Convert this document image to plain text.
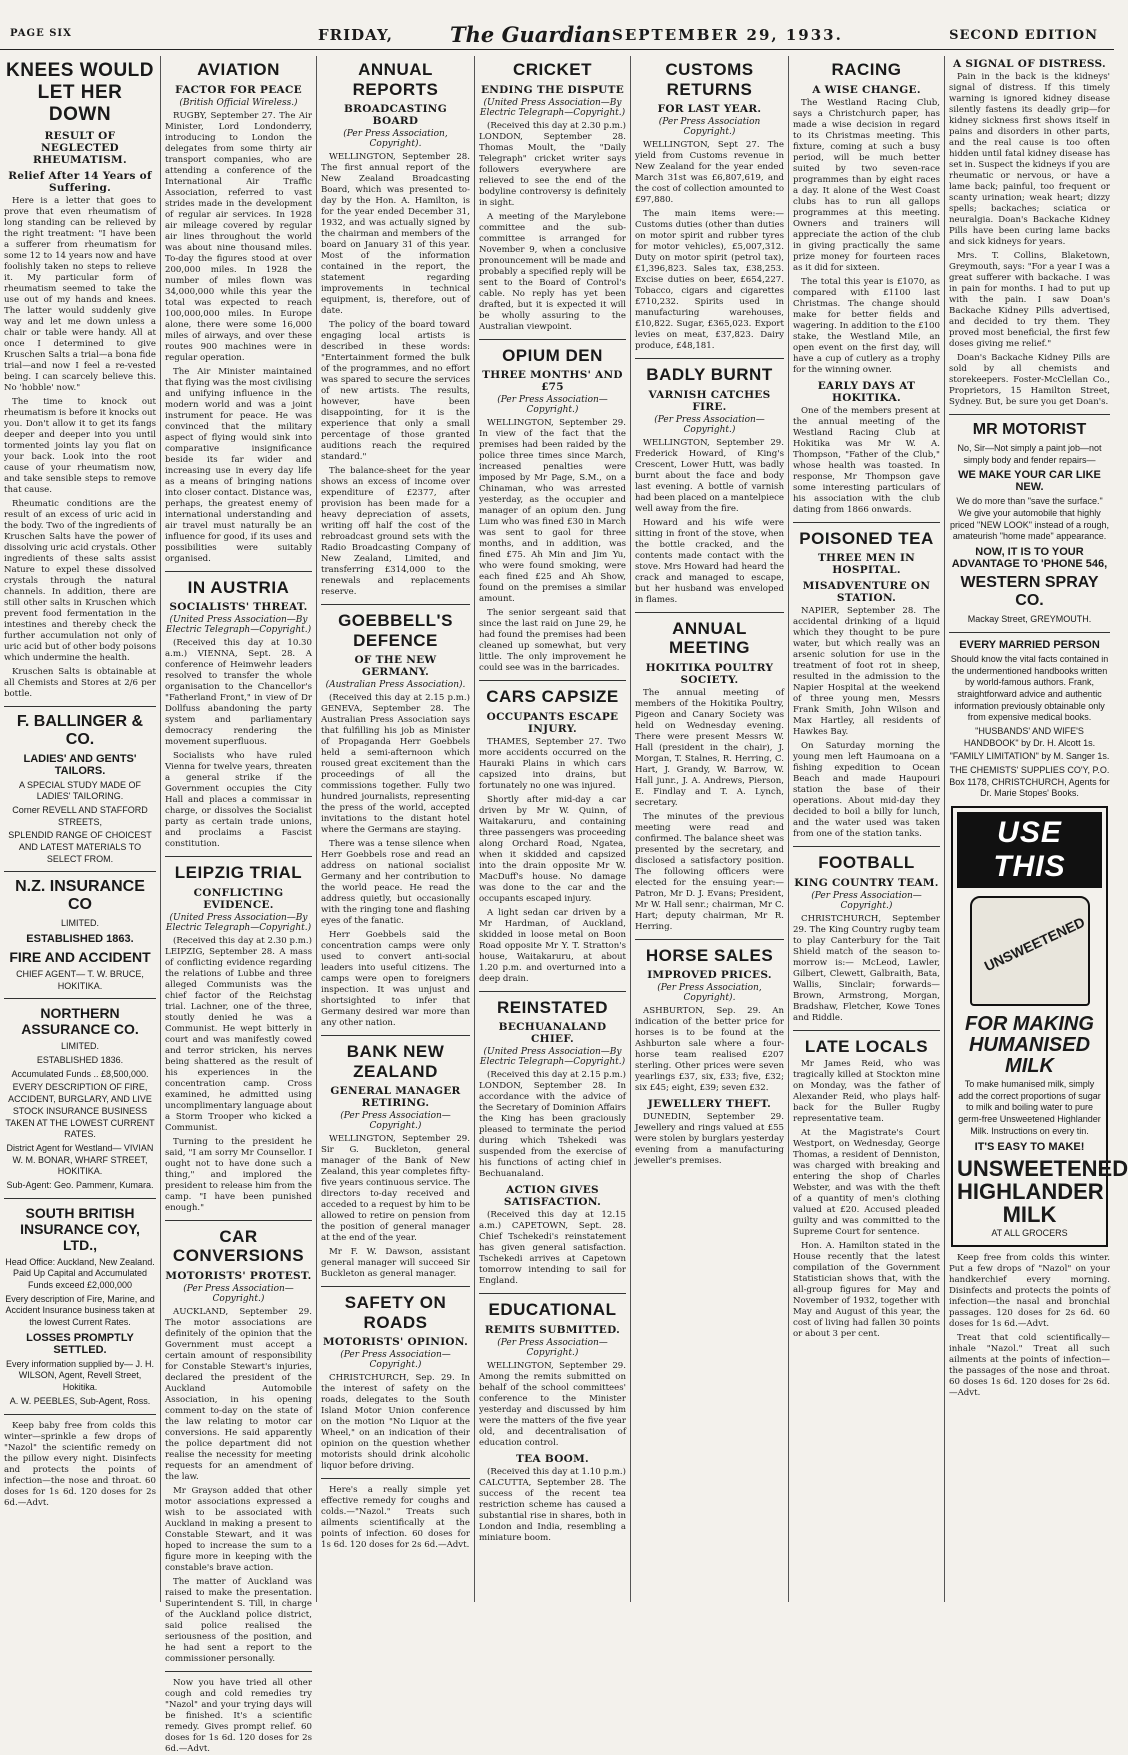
PAGE SIX	FRIDAY,	The Guardian SEPTEMBER 29, 1933.	SECOND EDITION
KNEES WOULD LET HER DOWN
RESULT OF NEGLECTED RHEUMATISM.
Relief After 14 Years of Suffering.

Here is a letter that goes to prove that even rheumatism of long standing can be relieved by the right treatment: "I have been a sufferer from rheumatism for some 12 to 14 years now and have foolishly taken no steps to relieve it. My particular form of rheumatism seemed to take the use out of my hands and knees. The latter would suddenly give way and let me down unless a chair or table were handy. All at once I determined to give Kruschen Salts a trial—a bona fide trial—and now I feel a re-vested being. I can scarcely believe this. No 'hobble' now."

The time to knock out rheumatism is before it knocks out you. Don't allow it to get its fangs deeper and deeper into you until tormented joints lay you flat on your back. Look into the root cause of your rheumatism now, and take sensible steps to remove that cause.

Rheumatic conditions are the result of an excess of uric acid in the body. Two of the ingredients of Kruschen Salts have the power of dissolving uric acid crystals. Other ingredients of these salts assist Nature to expel these dissolved crystals through the natural channels. In addition, there are still other salts in Kruschen which prevent food fermentation in the intestines and thereby check the further accumulation not only of uric acid but of other body poisons which undermine the health.

Kruschen Salts is obtainable at all Chemists and Stores at 2/6 per bottle.

F. BALLINGER & CO.
LADIES' AND GENTS' TAILORS.
A SPECIAL STUDY MADE OF LADIES' TAILORING.
Corner REVELL AND STAFFORD STREETS,
SPLENDID RANGE OF CHOICEST AND LATEST MATERIALS TO SELECT FROM.
N.Z. INSURANCE CO
LIMITED.
ESTABLISHED 1863.
FIRE AND ACCIDENT
CHIEF AGENT— T. W. BRUCE, HOKITIKA.
NORTHERN ASSURANCE CO.
LIMITED.
ESTABLISHED 1836.
Accumulated Funds .. £8,500,000.
EVERY DESCRIPTION OF FIRE, ACCIDENT, BURGLARY, AND LIVE STOCK INSURANCE BUSINESS TAKEN AT THE LOWEST CURRENT RATES.
District Agent for Westland— VIVIAN W. M. BONAR, WHARF STREET, HOKITIKA.
Sub-Agent: Geo. Pammenr, Kumara.
SOUTH BRITISH INSURANCE COY, LTD.,
Head Office: Auckland, New Zealand. Paid Up Capital and Accumulated Funds exceed £2,000,000
Every description of Fire, Marine, and Accident Insurance business taken at the lowest Current Rates.
LOSSES PROMPTLY SETTLED.
Every information supplied by— J. H. WILSON, Agent, Revell Street, Hokitika.
A. W. PEEBLES, Sub-Agent, Ross.

Keep baby free from colds this winter—sprinkle a few drops of "Nazol" the scientific remedy on the pillow every night. Disinfects and protects the points of infection—the nose and throat. 60 doses for 1s 6d. 120 doses for 2s 6d.—Advt.

AVIATION
FACTOR FOR PEACE
(British Official Wireless.)

RUGBY, September 27. The Air Minister, Lord Londonderry, introducing to London the delegates from some thirty air transport companies, who are attending a conference of the International Air Traffic Association, referred to vast strides made in the development of regular air services. In 1928 air mileage covered by regular air lines throughout the world was about nine thousand miles. To-day the figures stood at over 200,000 miles. In 1928 the number of miles flown was 34,000,000 while this year the total was expected to reach 100,000,000 miles. In Europe alone, there were some 16,000 miles of airways, and over these routes 900 machines were in regular operation.

The Air Minister maintained that flying was the most civilising and unifying influence in the modern world and was a joint instrument for peace. He was convinced that the military aspect of flying would sink into comparative insignificance beside its far wider and increasing use in every day life as a means of bringing nations into closer contact. Distance was, perhaps, the greatest enemy of international understanding and air travel must naturally be an influence for good, if its uses and possibilities were suitably organised.

IN AUSTRIA
SOCIALISTS' THREAT.
(United Press Association—By Electric Telegraph—Copyright.)

(Received this day at 10.30 a.m.) VIENNA, Sept. 28. A conference of Heimwehr leaders resolved to transfer the whole organisation to the Chancellor's "Fatherland Front," in view of Dr Dollfuss abandoning the party system and parliamentary democracy rendering the movement superfluous.

Socialists who have ruled Vienna for twelve years, threaten a general strike if the Government occupies the City Hall and places a commissar in charge, or dissolves the Socialist party as certain trade unions, and proclaims a Fascist constitution.

LEIPZIG TRIAL
CONFLICTING EVIDENCE.
(United Press Association—By Electric Telegraph—Copyright.)

(Received this day at 2.30 p.m.) LEIPZIG, September 28. A mass of conflicting evidence regarding the relations of Lubbe and three alleged Communists was the chief factor of the Reichstag trial. Lachner, one of the three, stoutly denied he was a Communist. He wept bitterly in court and was manifestly cowed and terror stricken, his nerves being shattered as the result of his experiences in the concentration camp. Cross examined, he admitted using uncomplimentary language about a Storm Trooper who kicked a Communist.

Turning to the president he said, "I am sorry Mr Counsellor. I ought not to have done such a thing," and implored the president to release him from the camp. "I have been punished enough."

CAR CONVERSIONS
MOTORISTS' PROTEST.
(Per Press Association— Copyright.)

AUCKLAND, September 29. The motor associations are definitely of the opinion that the Government must accept a certain amount of responsibility for Constable Stewart's injuries, declared the president of the Auckland Automobile Association, in his opening comment to-day on the state of the law relating to motor car conversions. He said apparently the police department did not realise the necessity for meeting requests for an amendment of the law.

Mr Grayson added that other motor associations expressed a wish to be associated with Auckland in making a present to Constable Stewart, and it was hoped to increase the sum to a figure more in keeping with the constable's brave action.

The matter of Auckland was raised to make the presentation. Superintendent S. Till, in charge of the Auckland police district, said police realised the seriousness of the position, and he had sent a report to the commissioner personally.

Now you have tried all other cough and cold remedies try "Nazol" and your trying days will be finished. It's a scientific remedy. Gives prompt relief. 60 doses for 1s 6d. 120 doses for 2s 6d.—Advt.

ANNUAL REPORTS
BROADCASTING BOARD
(Per Press Association, Copyright).

WELLINGTON, September 28. The first annual report of the New Zealand Broadcasting Board, which was presented to-day by the Hon. A. Hamilton, is for the year ended December 31, 1932, and was actually signed by the chairman and members of the board on January 31 of this year. Most of the information contained in the report, the statement regarding improvements in technical equipment, is, therefore, out of date.

The policy of the board toward engaging local artists is described in these words: "Entertainment formed the bulk of the programmes, and no effort was spared to secure the services of new artists. The results, however, have been disappointing, for it is the experience that only a small percentage of those granted auditions reach the required standard."

The balance-sheet for the year shows an excess of income over expenditure of £2377, after provision has been made for a heavy depreciation of assets, writing off half the cost of the rebroadcast ground sets with the Radio Broadcasting Company of New Zealand, Limited, and transferring £314,000 to the renewals and replacements reserve.

GOEBBELL'S DEFENCE
OF THE NEW GERMANY.
(Australian Press Association).

(Received this day at 2.15 p.m.) GENEVA, September 28. The Australian Press Association says that fulfilling his job as Minister of Propaganda Herr Goebbels held a semi-afternoon which roused great excitement than the proceedings of all the commissions together. Fully two hundred journalists, representing the press of the world, accepted invitations to the distant hotel where the Germans are staying.

There was a tense silence when Herr Goebbels rose and read an address on national socialist Germany and her contribution to the world peace. He read the address quietly, but occasionally with the ringing tone and flashing eyes of the fanatic.

Herr Goebbels said the concentration camps were only used to convert anti-social leaders into useful citizens. The camps were open to foreigners inspection. It was unjust and shortsighted to infer that Germany desired war more than any other nation.

BANK NEW ZEALAND
GENERAL MANAGER RETIRING.
(Per Press Association— Copyright.)

WELLINGTON, September 29. Sir G. Buckleton, general manager of the Bank of New Zealand, this year completes fifty-five years continuous service. The directors to-day received and acceded to a request by him to be allowed to retire on pension from the position of general manager at the end of the year.

Mr F. W. Dawson, assistant general manager will succeed Sir Buckleton as general manager.

SAFETY ON ROADS
MOTORISTS' OPINION.
(Per Press Association— Copyright.)

CHRISTCHURCH, Sep. 29. In the interest of safety on the roads, delegates to the South Island Motor Union conference on the motion "No Liquor at the Wheel," on an indication of their opinion on the question whether motorists should drink alcoholic liquor before driving.

Here's a really simple yet effective remedy for coughs and colds.—"Nazol." Treats such ailments scientifically at the points of infection. 60 doses for 1s 6d. 120 doses for 2s 6d.—Advt.

CRICKET
ENDING THE DISPUTE
(United Press Association—By Electric Telegraph—Copyright.)

(Received this day at 2.30 p.m.) LONDON, September 28. Thomas Moult, the "Daily Telegraph" cricket writer says followers everywhere are relieved to see the end of the bodyline controversy is definitely in sight.

A meeting of the Marylebone committee and the sub-committee is arranged for November 9, when a conclusive pronouncement will be made and probably a specified reply will be sent to the Board of Control's cable. No reply has yet been drafted, but it is expected it will be wholly assuring to the Australian viewpoint.

OPIUM DEN
THREE MONTHS' AND £75
(Per Press Association— Copyright.)

WELLINGTON, September 29. In view of the fact that the premises had been raided by the police three times since March, increased penalties were imposed by Mr Page, S.M., on a Chinaman, who was arrested yesterday, as the occupier and manager of an opium den. Jung Lum who was fined £30 in March was sent to gaol for three months, and in addition, was fined £75. Ah Min and Jim Yu, who were found smoking, were each fined £25 and Ah Show, found on the premises a similar amount.

The senior sergeant said that since the last raid on June 29, he had found the premises had been cleaned up somewhat, but very little. The only improvement he could see was in the barricades.

CARS CAPSIZE
OCCUPANTS ESCAPE INJURY.

THAMES, September 27. Two more accidents occurred on the Hauraki Plains in which cars capsized into drains, but fortunately no one was injured.

Shortly after mid-day a car driven by Mr W. Quinn, of Waitakaruru, and containing three passengers was proceeding along Orchard Road, Ngatea, when it skidded and capsized into the drain opposite Mr W. MacDuff's house. No damage was done to the car and the occupants escaped injury.

A light sedan car driven by a Mr Hardman, of Auckland, skidded in loose metal on Boon Road opposite Mr Y. T. Stratton's house, Waitakaruru, at about 1.20 p.m. and overturned into a deep drain.

REINSTATED
BECHUANALAND CHIEF.
(United Press Association—By Electric Telegraph—Copyright.)

(Received this day at 2.15 p.m.) LONDON, September 28. In accordance with the advice of the Secretary of Dominion Affairs the King has been graciously pleased to terminate the period during which Tshekedi was suspended from the exercise of his functions of acting chief in Bechuanaland.

ACTION GIVES SATISFACTION.

(Received this day at 12.15 a.m.) CAPETOWN, Sept. 28. Chief Tschekedi's reinstatement has given general satisfaction. Tschekedi arrives at Capetown tomorrow intending to sail for England.

EDUCATIONAL
REMITS SUBMITTED.
(Per Press Association—Copyright.)

WELLINGTON, September 29. Among the remits submitted on behalf of the school committees' conference to the Minister yesterday and discussed by him were the matters of the five year old, and decentralisation of education control.

TEA BOOM.

(Received this day at 1.10 p.m.) CALCUTTA, September 28. The success of the recent tea restriction scheme has caused a substantial rise in shares, both in London and India, resembling a miniature boom.

CUSTOMS RETURNS
FOR LAST YEAR.
(Per Press Association Copyright.)

WELLINGTON, Sept 27. The yield from Customs revenue in New Zealand for the year ended March 31st was £6,807,619, and the cost of collection amounted to £97,880.

The main items were:— Customs duties (other than duties on motor spirit and rubber tyres for motor vehicles), £5,007,312. Duty on motor spirit (petrol tax), £1,396,823. Sales tax, £38,253. Excise duties on beer, £654,227. Tobacco, cigars and cigarettes £710,232. Spirits used in manufacturing warehouses, £10,822. Sugar, £365,023. Export levies on meat, £37,823. Dairy produce, £48,181.

BADLY BURNT
VARNISH CATCHES FIRE.
(Per Press Association—Copyright.)

WELLINGTON, September 29. Frederick Howard, of King's Crescent, Lower Hutt, was badly burnt about the face and body last evening. A bottle of varnish had been placed on a mantelpiece well away from the fire.

Howard and his wife were sitting in front of the stove, when the bottle cracked, and the contents made contact with the stove. Mrs Howard had heard the crack and managed to escape, but her husband was enveloped in flames.

ANNUAL MEETING
HOKITIKA POULTRY SOCIETY.

The annual meeting of members of the Hokitika Poultry, Pigeon and Canary Society was held on Wednesday evening. There were present Messrs W. Hall (president in the chair), J. Morgan, T. Stalnes, R. Herring, C. Hart, J. Grandy, W. Barrow, W. Hall junr., J. A. Andrews, Pierson, E. Findlay and T. A. Lynch, secretary.

The minutes of the previous meeting were read and confirmed. The balance sheet was presented by the secretary, and disclosed a satisfactory position. The following officers were elected for the ensuing year:—Patron, Mr D. J. Evans; President, Mr W. Hall senr.; chairman, Mr C. Hart; deputy chairman, Mr R. Herring.

HORSE SALES
IMPROVED PRICES.
(Per Press Association, Copyright).

ASHBURTON, Sep. 29. An indication of the better price for horses is to be found at the Ashburton sale where a four-horse team realised £207 sterling. Other prices were seven yearlings £37, six, £33; five, £32; six £45; eight, £39; seven £32.

JEWELLERY THEFT.

DUNEDIN, September 29. Jewellery and rings valued at £55 were stolen by burglars yesterday evening from a manufacturing jeweller's premises.

RACING
A WISE CHANGE.

The Westland Racing Club, says a Christchurch paper, has made a wise decision in regard to its Christmas meeting. This fixture, coming at such a busy period, will be much better suited by two seven-race programmes than by eight races a day. It alone of the West Coast clubs has to run all gallops programmes at this meeting. Owners and trainers will appreciate the action of the club in giving practically the same prize money for fourteen races as it did for sixteen.

The total this year is £1070, as compared with £1100 last Christmas. The change should make for better fields and wagering. In addition to the £100 stake, the Westland Mile, an open event on the first day, will have a cup of cutlery as a trophy for the winning owner.

EARLY DAYS AT HOKITIKA.

One of the members present at the annual meeting of the Westland Racing Club at Hokitika was Mr W. A. Thompson, "Father of the Club," whose health was toasted. In response, Mr Thompson gave some interesting particulars of his association with the club dating from 1866 onwards.

POISONED TEA
THREE MEN IN HOSPITAL.
MISADVENTURE ON STATION.

NAPIER, September 28. The accidental drinking of a liquid which they thought to be pure water, but which really was an arsenic solution for use in the treatment of foot rot in sheep, resulted in the admission to the Napier Hospital at the weekend of three young men, Messrs Frank Smith, John Wilson and Max Hartley, all residents of Hawkes Bay.

On Saturday morning the young men left Haumoana on a fishing expedition to Ocean Beach and made Haupouri station the base of their operations. About mid-day they decided to boil a billy for lunch, and the water used was taken from one of the station tanks.

FOOTBALL
KING COUNTRY TEAM.
(Per Press Association— Copyright.)

CHRISTCHURCH, September 29. The King Country rugby team to play Canterbury for the Tait Shield match of the season to-morrow is:— McLeod, Lawler, Gilbert, Clewett, Galbraith, Bata, Wallis, Sinclair; forwards—Brown, Armstrong, Morgan, Bradshaw, Fletcher, Kowe Tones and Riddle.

LATE LOCALS

Mr James Reid, who was tragically killed at Stockton mine on Monday, was the father of Alexander Reid, who plays half-back for the Buller Rugby representative team.

At the Magistrate's Court Westport, on Wednesday, George Thomas, a resident of Denniston, was charged with breaking and entering the shop of Charles Webster, and was with the theft of a quantity of men's clothing valued at £20. Accused pleaded guilty and was committed to the Supreme Court for sentence.

Hon. A. Hamilton stated in the House recently that the latest compilation of the Government Statistician shows that, with the all-group figures for May and November of 1932, together with May and August of this year, the cost of living had fallen 30 points or about 3 per cent.

A SIGNAL OF DISTRESS.

Pain in the back is the kidneys' signal of distress. If this timely warning is ignored kidney disease silently fastens its deadly grip—for kidney sickness first shows itself in pains and disorders in other parts, and the real cause is too often hidden until fatal kidney disease has set in. Suspect the kidneys if you are rheumatic or nervous, or have a lame back; painful, too frequent or scanty urination; weak heart; dizzy spells; backaches; sciatica or neuralgia. Doan's Backache Kidney Pills have been curing lame backs and sick kidneys for years.

Mrs. T. Collins, Blaketown, Greymouth, says: "For a year I was a great sufferer with backache. I was in pain for months. I had to put up with the pain. I saw Doan's Backache Kidney Pills advertised, and decided to try them. They proved most beneficial, the first few doses giving me relief."

Doan's Backache Kidney Pills are sold by all chemists and storekeepers. Foster-McClellan Co., Proprietors, 15 Hamilton Street, Sydney. But, be sure you get Doan's.

MR MOTORIST
No, Sir—Not simply a paint job—not simply body and fender repairs—
WE MAKE YOUR CAR LIKE NEW.
We do more than "save the surface." We give your automobile that highly priced "NEW LOOK" instead of a rough, amateurish "home made" appearance.
NOW, IT IS TO YOUR ADVANTAGE TO 'PHONE 546,
WESTERN SPRAY CO.
Mackay Street, GREYMOUTH.
EVERY MARRIED PERSON
Should know the vital facts contained in the undermentioned handbooks written by world-famous authors. Frank, straightforward advice and authentic information previously obtainable only from expensive medical books.
"HUSBANDS' AND WIFE'S HANDBOOK" by Dr. H. Alcott 1s.
"FAMILY LIMITATION" by M. Sanger 1s.
THE CHEMISTS' SUPPLIES CO'Y, P.O. Box 1178, CHRISTCHURCH, Agents for Dr. Marie Stopes' Books.
USE THIS
UNSWEETENED
FOR MAKING HUMANISED MILK
To make humanised milk, simply add the correct proportions of sugar to milk and boiling water to pure germ-free Unsweetened Highlander Milk. Instructions on every tin.
IT'S EASY TO MAKE!
UNSWEETENED HIGHLANDER MILK
AT ALL GROCERS

Keep free from colds this winter. Put a few drops of "Nazol" on your handkerchief every morning. Disinfects and protects the points of infection—the nasal and bronchial passages. 120 doses for 2s 6d. 60 doses for 1s 6d.—Advt.

Treat that cold scientifically—inhale "Nazol." Treat all such ailments at the points of infection—the passages of the nose and throat. 60 doses 1s 6d. 120 doses for 2s 6d.—Advt.
